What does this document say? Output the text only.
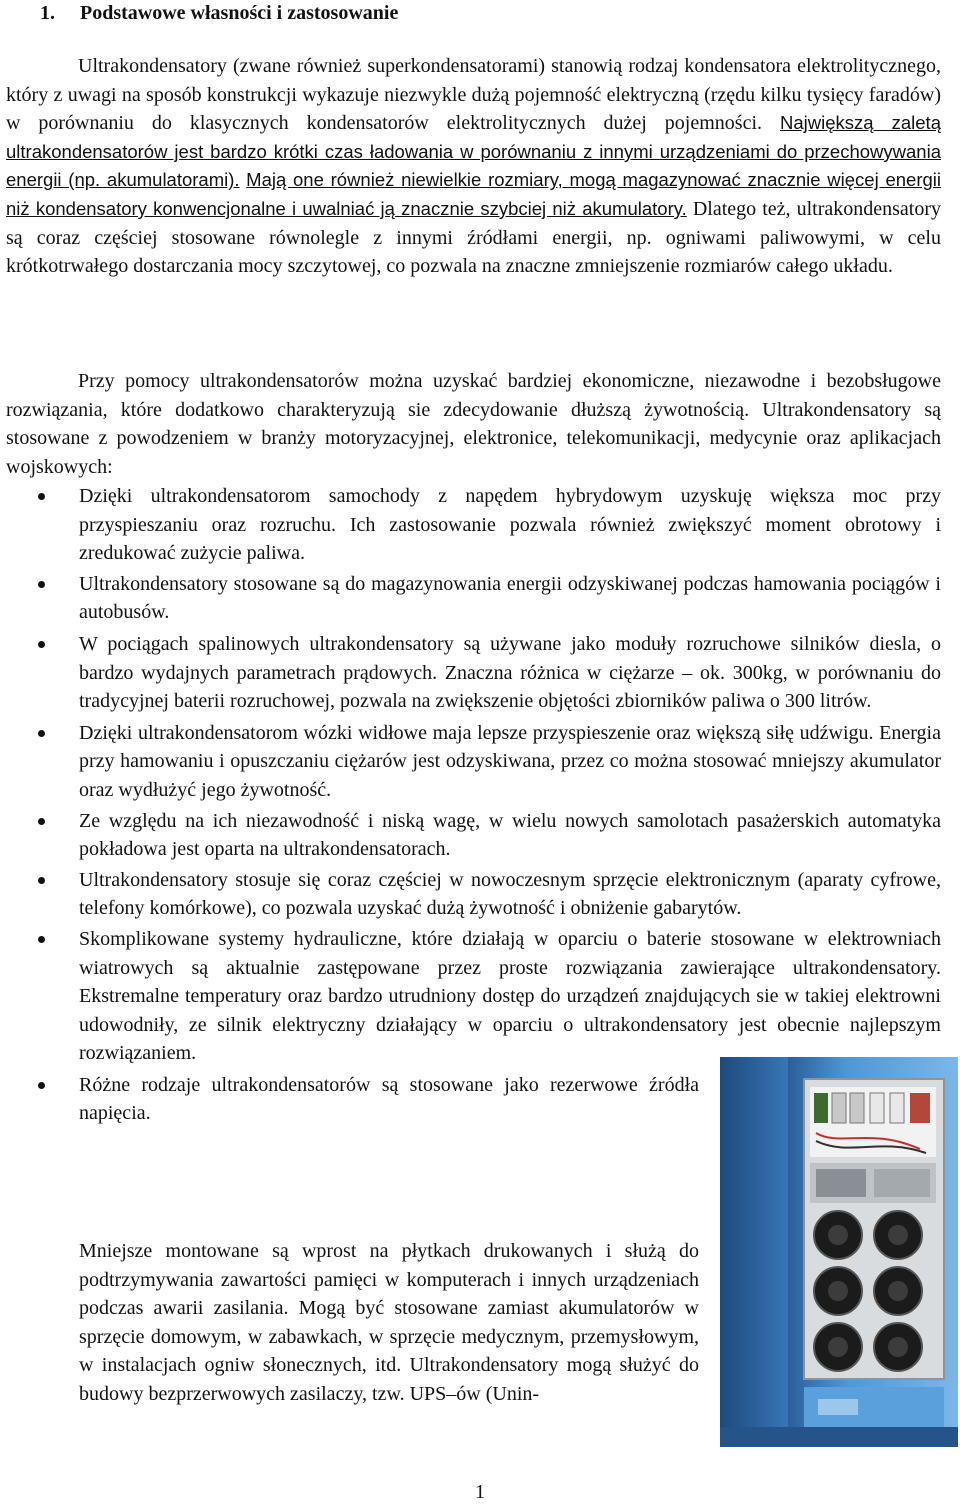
1. Podstawowe własności i zastosowanie

Ultrakondensatory (zwane również superkondensatorami) stanowią rodzaj kondensatora elektrolitycznego, który z uwagi na sposób konstrukcji wykazuje niezwykle dużą pojemność elektryczną (rzędu kilku tysięcy faradów) w porównaniu do klasycznych kondensatorów elektrolitycznych dużej pojemności. Największą zaletą ultrakondensatorów jest bardzo krótki czas ładowania w porównaniu z innymi urządzeniami do przechowywania energii (np. akumulatorami). Mają one również niewielkie rozmiary, mogą magazynować znacznie więcej energii niż kondensatory konwencjonalne i uwalniać ją znacznie szybciej niż akumulatory. Dlatego też, ultrakondensatory są coraz częściej stosowane równolegle z innymi źródłami energii, np. ogniwami paliwowymi, w celu krótkotrwałego dostarczania mocy szczytowej, co pozwala na znaczne zmniejszenie rozmiarów całego układu.

Przy pomocy ultrakondensatorów można uzyskać bardziej ekonomiczne, niezawodne i bezobsługowe rozwiązania, które dodatkowo charakteryzują sie zdecydowanie dłuższą żywotnością. Ultrakondensatory są stosowane z powodzeniem w branży motoryzacyjnej, elektronice, telekomunikacji, medycynie oraz aplikacjach wojskowych:

Dzięki ultrakondensatorom samochody z napędem hybrydowym uzyskuję większa moc przy przyspieszaniu oraz rozruchu. Ich zastosowanie pozwala również zwiększyć moment obrotowy i zredukować zużycie paliwa.
Ultrakondensatory stosowane są do magazynowania energii odzyskiwanej podczas hamowania pociągów i autobusów.
W pociągach spalinowych ultrakondensatory są używane jako moduły rozruchowe silników diesla, o bardzo wydajnych parametrach prądowych. Znaczna różnica w ciężarze – ok. 300kg, w porównaniu do tradycyjnej baterii rozruchowej, pozwala na zwiększenie objętości zbiorników paliwa o 300 litrów.
Dzięki ultrakondensatorom wózki widłowe maja lepsze przyspieszenie oraz większą siłę udźwigu. Energia przy hamowaniu i opuszczaniu ciężarów jest odzyskiwana, przez co można stosować mniejszy akumulator oraz wydłużyć jego żywotność.
Ze względu na ich niezawodność i niską wagę, w wielu nowych samolotach pasażerskich automatyka pokładowa jest oparta na ultrakondensatorach.
Ultrakondensatory stosuje się coraz częściej w nowoczesnym sprzęcie elektronicznym (aparaty cyfrowe, telefony komórkowe), co pozwala uzyskać dużą żywotność i obniżenie gabarytów.
Skomplikowane systemy hydrauliczne, które działają w oparciu o baterie stosowane w elektrowniach wiatrowych są aktualnie zastępowane przez proste rozwiązania zawierające ultrakondensatory. Ekstremalne temperatury oraz bardzo utrudniony dostęp do urządzeń znajdujących sie w takiej elektrowni udowodniły, ze silnik elektryczny działający w oparciu o ultrakondensatory jest obecnie najlepszym rozwiązaniem.
Różne rodzaje ultrakondensatorów są stosowane jako rezerwowe źródła napięcia.

Mniejsze montowane są wprost na płytkach drukowanych i służą do podtrzymywania zawartości pamięci w komputerach i innych urządzeniach podczas awarii zasilania. Mogą być stosowane zamiast akumulatorów w sprzęcie domowym, w zabawkach, w sprzęcie medycznym, przemysłowym, w instalacjach ogniw słonecznych, itd. Ultrakondensatory mogą służyć do budowy bezprzerwowych zasilaczy, tzw. UPS–ów (Unin-

1
